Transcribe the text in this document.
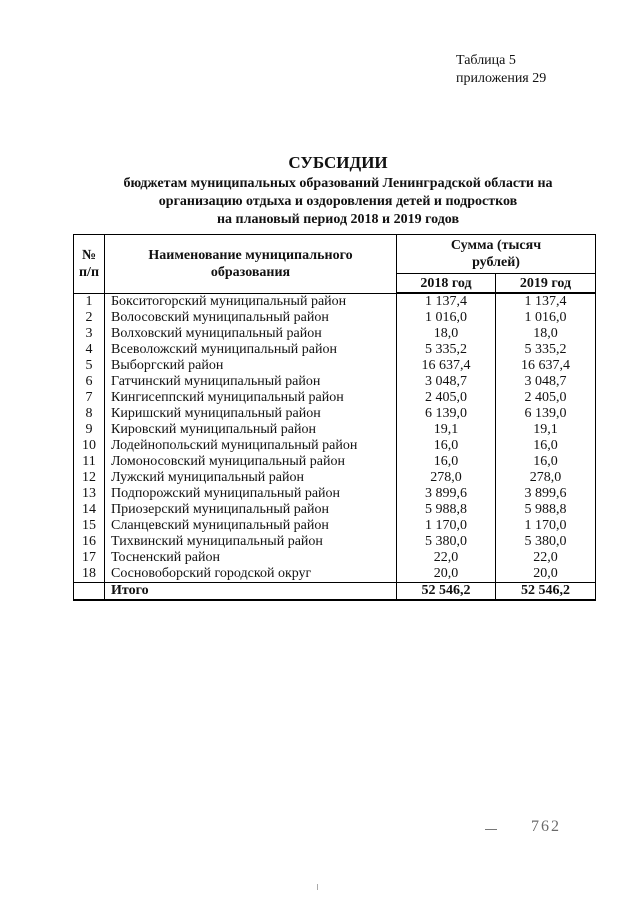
Таблица 5
приложения 29
СУБСИДИИ
бюджетам муниципальных образований Ленинградской области на
организацию отдыха и оздоровления детей и подростков
на плановый период 2018 и 2019 годов
№ п/п	Наименование муниципального образования	Сумма (тысяч рублей)	
		2018 год	2019 год
1	Бокситогорский муниципальный район	1 137,4	1 137,4
2	Волосовский муниципальный район	1 016,0	1 016,0
3	Волховский муниципальный район	18,0	18,0
4	Всеволожский муниципальный район	5 335,2	5 335,2
5	Выборгский район	16 637,4	16 637,4
6	Гатчинский муниципальный район	3 048,7	3 048,7
7	Кингисеппский муниципальный район	2 405,0	2 405,0
8	Киришский муниципальный район	6 139,0	6 139,0
9	Кировский муниципальный район	19,1	19,1
10	Лодейнопольский муниципальный район	16,0	16,0
11	Ломоносовский муниципальный район	16,0	16,0
12	Лужский муниципальный район	278,0	278,0
13	Подпорожский муниципальный район	3 899,6	3 899,6
14	Приозерский муниципальный район	5 988,8	5 988,8
15	Сланцевский муниципальный район	1 170,0	1 170,0
16	Тихвинский муниципальный район	5 380,0	5 380,0
17	Тосненский район	22,0	22,0
18	Сосновоборский городской округ	20,0	20,0
	Итого	52 546,2	52 546,2
762
